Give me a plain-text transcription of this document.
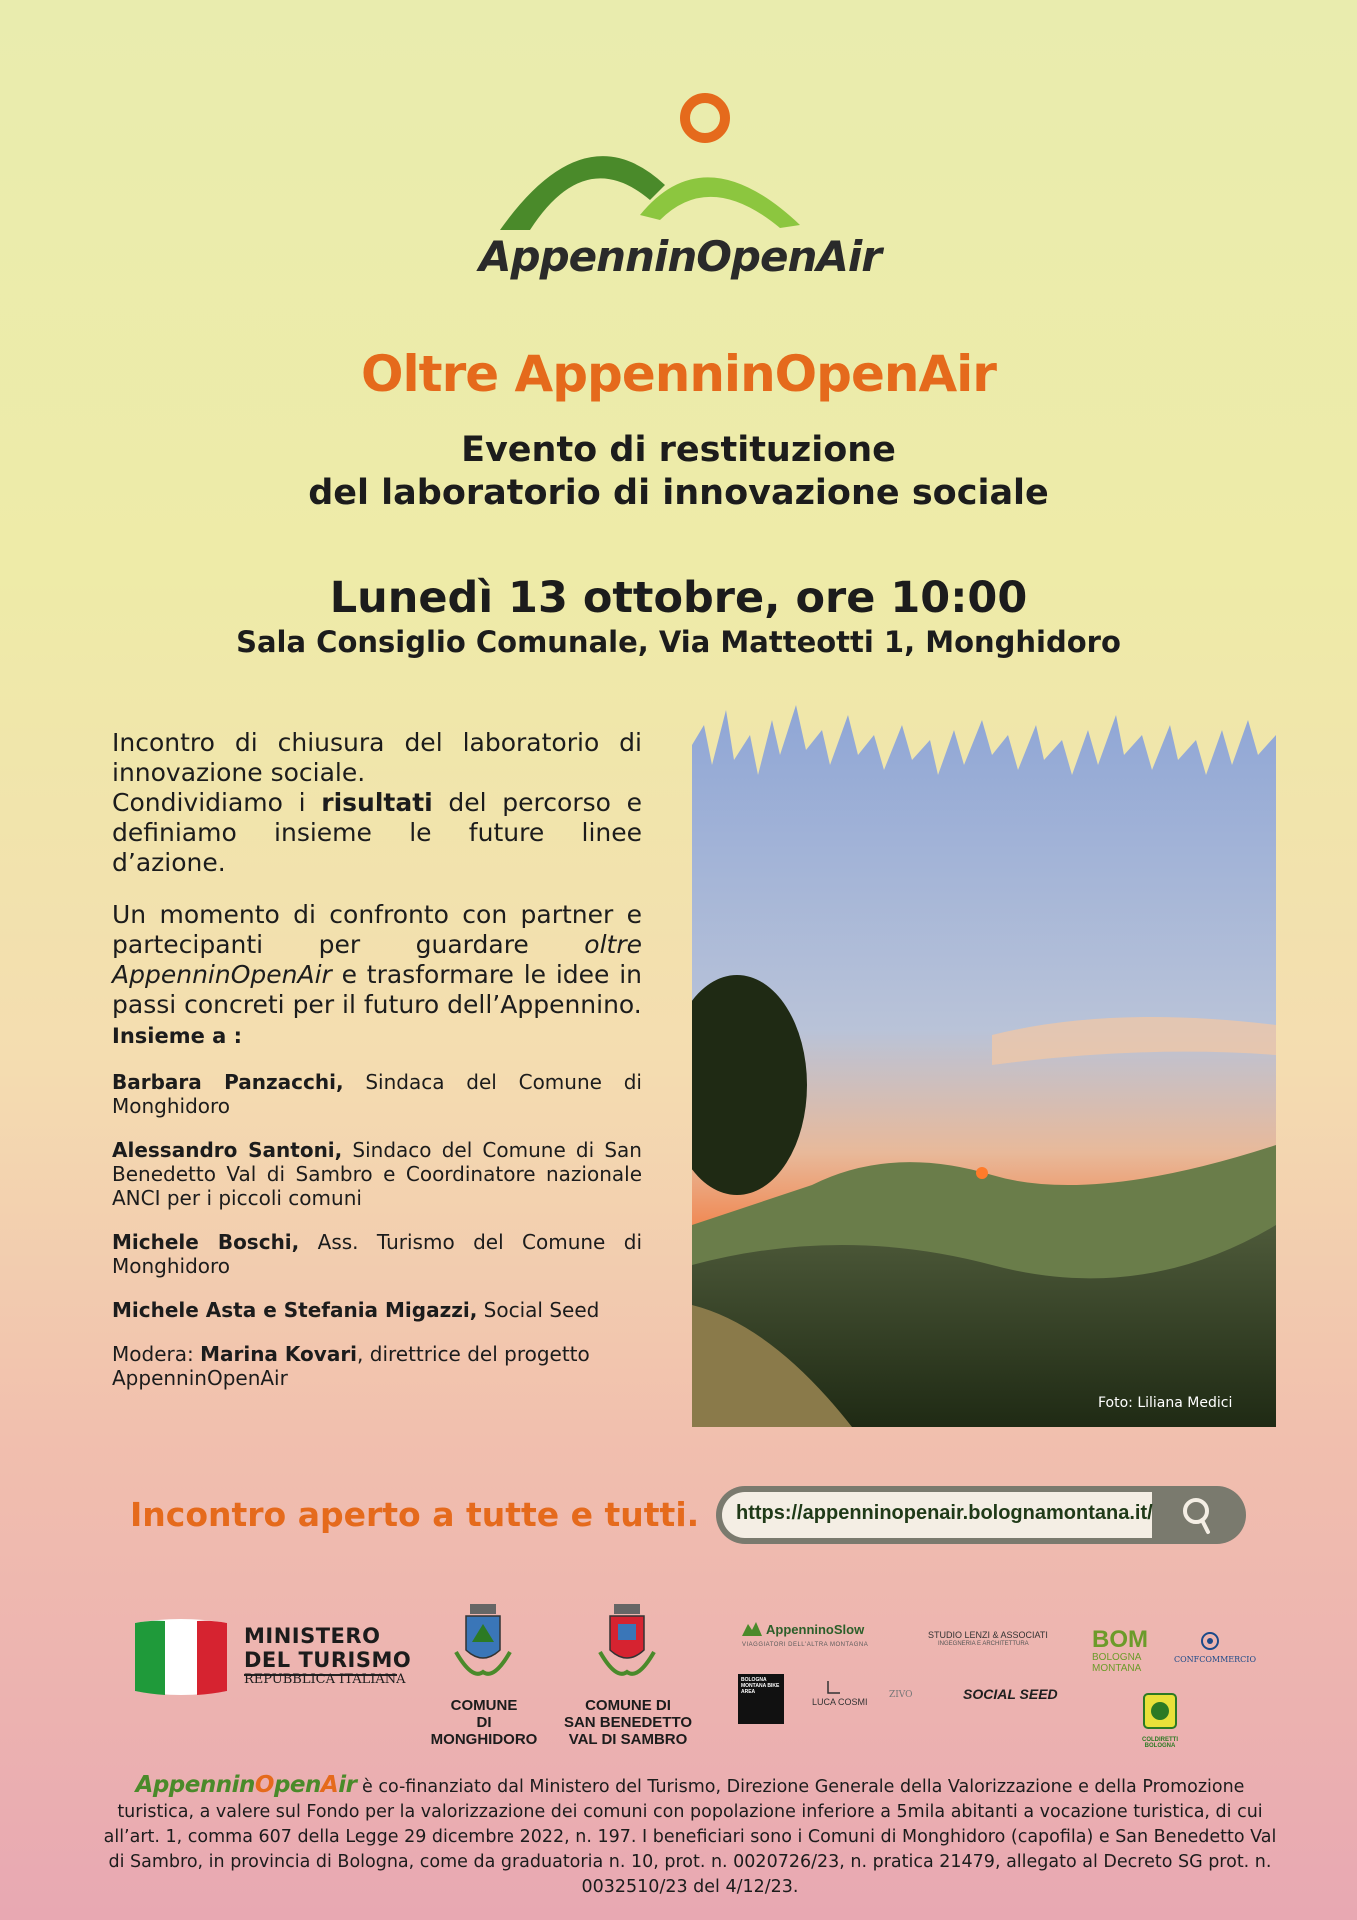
AppenninOpenAir
Oltre AppenninOpenAir
Evento di restituzione
del laboratorio di innovazione sociale
Lunedì 13 ottobre, ore 10:00
Sala Consiglio Comunale, Via Matteotti 1, Monghidoro

Incontro di chiusura del laboratorio di innovazione sociale.
Condividiamo i risultati del percorso e definiamo insieme le future linee d’azione.

Un momento di confronto con partner e partecipanti per guardare oltre AppenninOpenAir e trasformare le idee in passi concreti per il futuro dell’Appennino.

Insieme a :

Barbara Panzacchi, Sindaca del Comune di Monghidoro

Alessandro Santoni, Sindaco del Comune di San Benedetto Val di Sambro e Coordinatore nazionale ANCI per i piccoli comuni

Michele Boschi, Ass. Turismo del Comune di Monghidoro

Michele Asta e Stefania Migazzi, Social Seed

Modera: Marina Kovari, direttrice del progetto AppenninOpenAir

Foto: Liliana Medici
Incontro aperto a tutte e tutti. https://appenninopenair.bolognamontana.it/
MINISTERO
DEL TURISMO
REPUBBLICA ITALIANA
COMUNE
DI
MONGHIDORO
COMUNE DI
SAN BENEDETTO
VAL DI SAMBRO
AppenninoSlow
VIAGGIATORI DELL'ALTRA MONTAGNA
STUDIO LENZI & ASSOCIATI
INGEGNERIA E ARCHITETTURA	BOM
BOLOGNA
MONTANA
CONFCOMMERCIO
BOLOGNA MONTANA BIKE AREA
LUCA COSMI
ZIVO	SOCIAL SEED
COLDIRETTI BOLOGNA
AppenninOpenAir è co-finanziato dal Ministero del Turismo, Direzione Generale della Valorizzazione e della Promozione turistica, a valere sul Fondo per la valorizzazione dei comuni con popolazione inferiore a 5mila abitanti a vocazione turistica, di cui all’art. 1, comma 607 della Legge 29 dicembre 2022, n. 197. I beneficiari sono i Comuni di Monghidoro (capofila) e San Benedetto Val di Sambro, in provincia di Bologna, come da graduatoria n. 10, prot. n. 0020726/23, n. pratica 21479, allegato al Decreto SG prot. n. 0032510/23 del 4/12/23.
